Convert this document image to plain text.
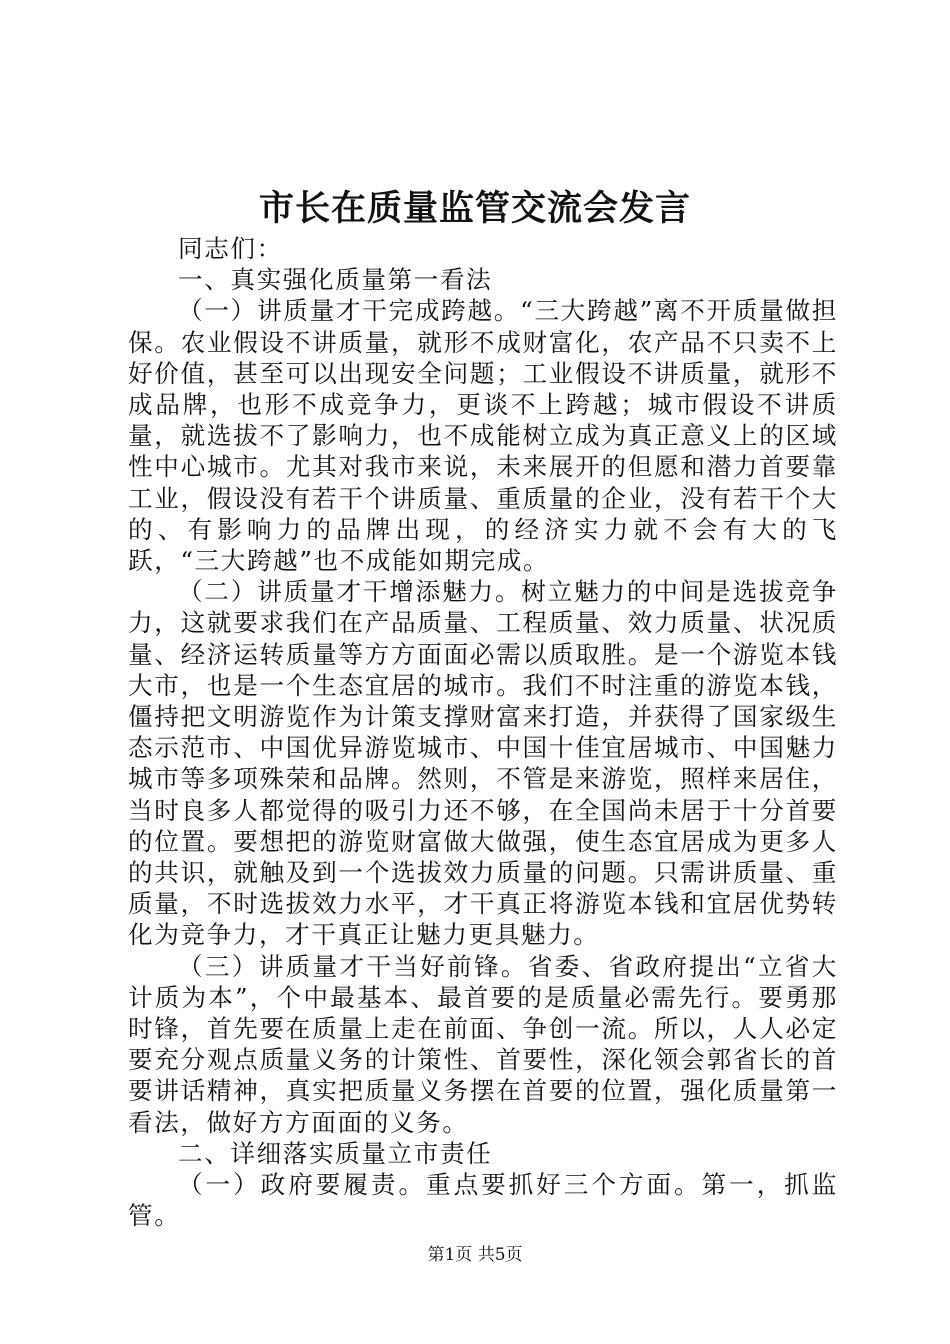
市长在质量监管交流会发言

同志们：

一、真实强化质量第一看法

（一）讲质量才干完成跨越。“三大跨越”离不开质量做担保。农业假设不讲质量，就形不成财富化，农产品不只卖不上好价值，甚至可以出现安全问题；工业假设不讲质量，就形不成品牌，也形不成竞争力，更谈不上跨越；城市假设不讲质量，就选拔不了影响力，也不成能树立成为真正意义上的区域性中心城市。尤其对我市来说，未来展开的但愿和潜力首要靠工业，假设没有若干个讲质量、重质量的企业，没有若干个大的、有影响力的品牌出现，的经济实力就不会有大的飞跃，“三大跨越”也不成能如期完成。

（二）讲质量才干增添魅力。树立魅力的中间是选拔竞争力，这就要求我们在产品质量、工程质量、效力质量、状况质量、经济运转质量等方方面面必需以质取胜。是一个游览本钱大市，也是一个生态宜居的城市。我们不时注重的游览本钱，僵持把文明游览作为计策支撑财富来打造，并获得了国家级生态示范市、中国优异游览城市、中国十佳宜居城市、中国魅力城市等多项殊荣和品牌。然则，不管是来游览，照样来居住，当时良多人都觉得的吸引力还不够，在全国尚未居于十分首要的位置。要想把的游览财富做大做强，使生态宜居成为更多人的共识，就触及到一个选拔效力质量的问题。只需讲质量、重质量，不时选拔效力水平，才干真正将游览本钱和宜居优势转化为竞争力，才干真正让魅力更具魅力。

（三）讲质量才干当好前锋。省委、省政府提出“立省大计质为本”，个中最基本、最首要的是质量必需先行。要勇那时锋，首先要在质量上走在前面、争创一流。所以，人人必定要充分观点质量义务的计策性、首要性，深化领会郭省长的首要讲话精神，真实把质量义务摆在首要的位置，强化质量第一看法，做好方方面面的义务。

二、详细落实质量立市责任

（一）政府要履责。重点要抓好三个方面。第一，抓监管。

第1页 共5页
